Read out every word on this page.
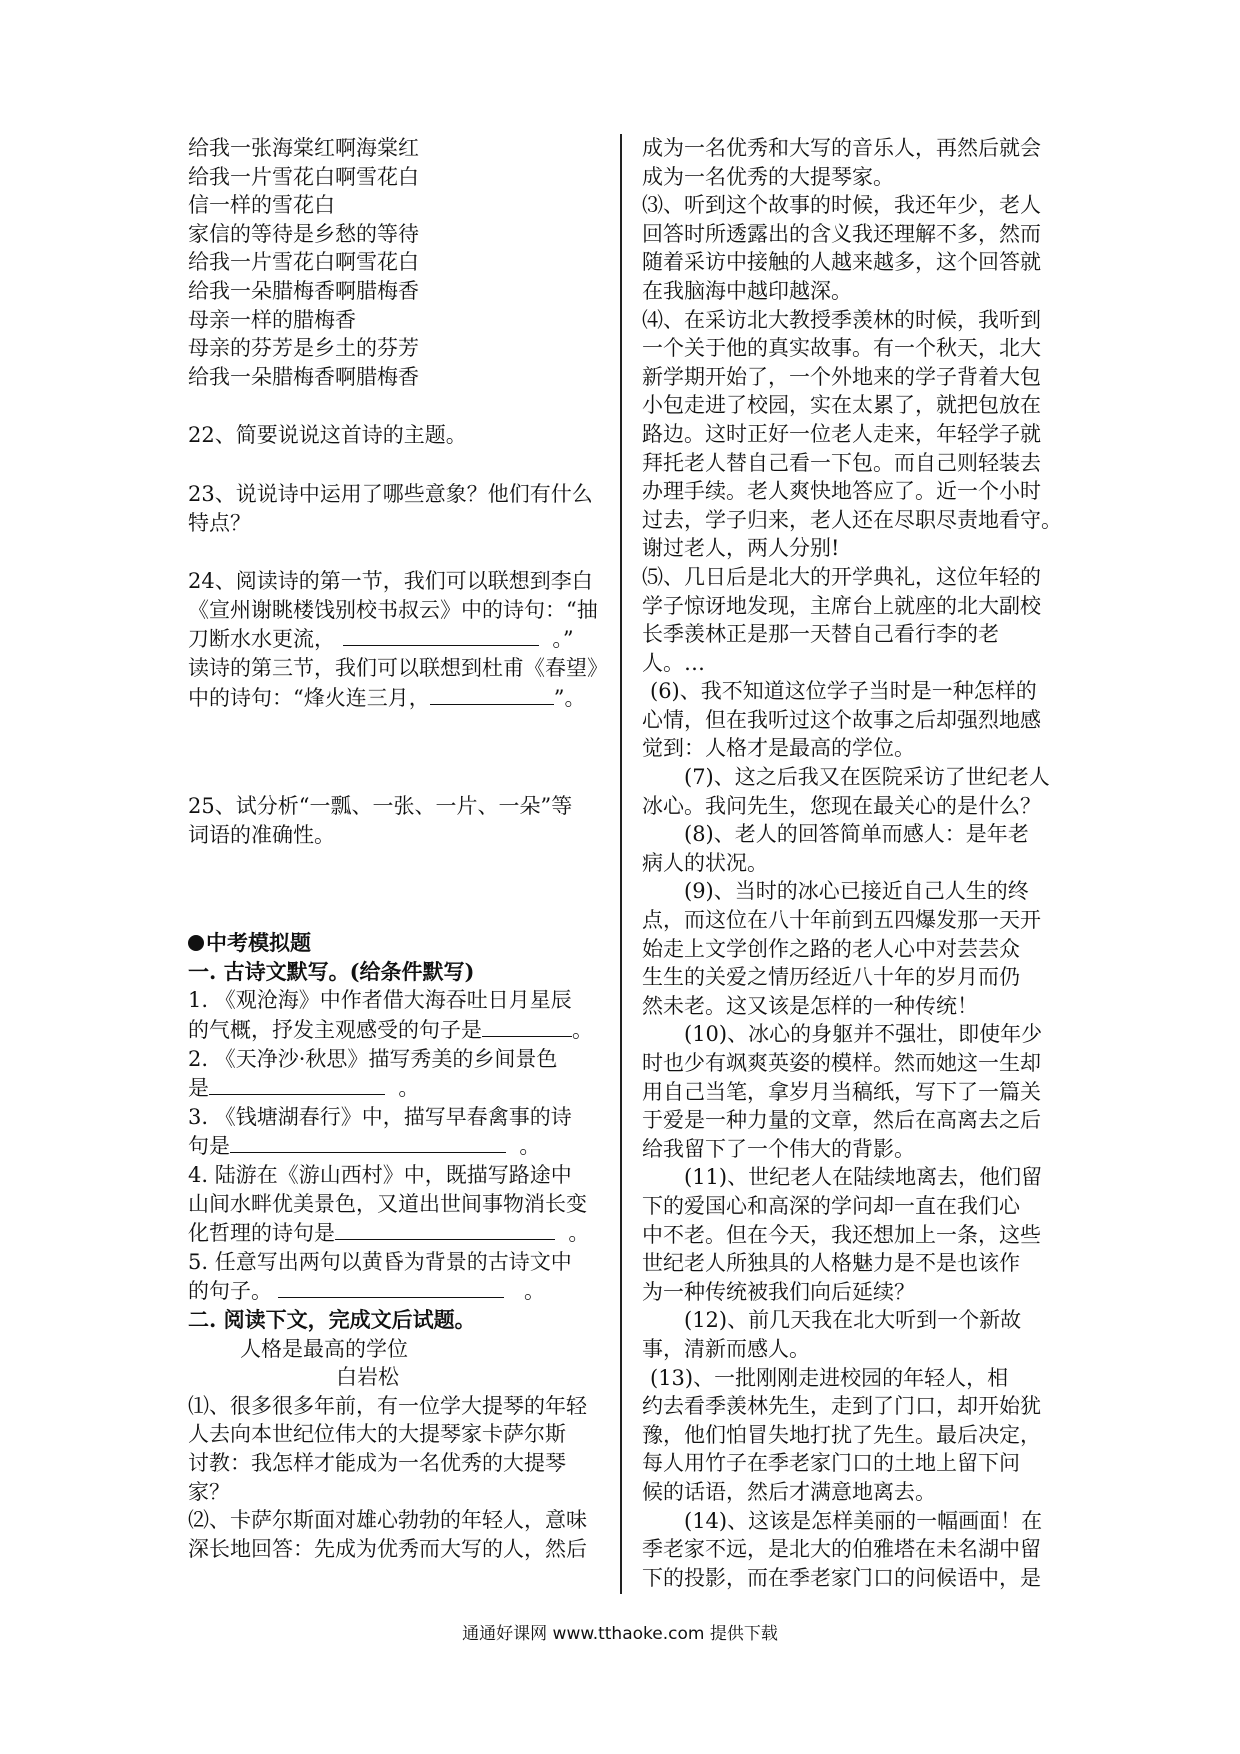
给我一张海棠红啊海棠红
给我一片雪花白啊雪花白
信一样的雪花白
家信的等待是乡愁的等待
给我一片雪花白啊雪花白
给我一朵腊梅香啊腊梅香
母亲一样的腊梅香
母亲的芬芳是乡土的芬芳
给我一朵腊梅香啊腊梅香
22、简要说说这首诗的主题。
23、说说诗中运用了哪些意象？他们有什么
特点？
24、阅读诗的第一节，我们可以联想到李白
《宣州谢眺楼饯别校书叔云》中的诗句：“抽
刀断水水更流，	。”
读诗的第三节，我们可以联想到杜甫《春望》
中的诗句：“烽火连三月，	”。
25、试分析“一瓢、一张、一片、一朵”等
词语的准确性。
中考模拟题
一. 古诗文默写。(给条件默写)
1. 《观沧海》中作者借大海吞吐日月星辰
的气概，抒发主观感受的句子是	。
2. 《天净沙·秋思》描写秀美的乡间景色
是	。
3. 《钱塘湖春行》中，描写早春禽事的诗
句是	。
4. 陆游在《游山西村》中，既描写路途中
山间水畔优美景色，又道出世间事物消长变
化哲理的诗句是	。
5. 任意写出两句以黄昏为背景的古诗文中
的句子。	。
二. 阅读下文，完成文后试题。
人格是最高的学位
白岩松
⑴、很多很多年前，有一位学大提琴的年轻
人去向本世纪位伟大的大提琴家卡萨尔斯
讨教：我怎样才能成为一名优秀的大提琴
家？
⑵、卡萨尔斯面对雄心勃勃的年轻人，意味
深长地回答：先成为优秀而大写的人，然后
成为一名优秀和大写的音乐人，再然后就会
成为一名优秀的大提琴家。
⑶、听到这个故事的时候，我还年少，老人
回答时所透露出的含义我还理解不多，然而
随着采访中接触的人越来越多，这个回答就
在我脑海中越印越深。
⑷、在采访北大教授季羡林的时候，我听到
一个关于他的真实故事。有一个秋天，北大
新学期开始了，一个外地来的学子背着大包
小包走进了校园，实在太累了，就把包放在
路边。这时正好一位老人走来，年轻学子就
拜托老人替自己看一下包。而自己则轻装去
办理手续。老人爽快地答应了。近一个小时
过去，学子归来，老人还在尽职尽责地看守。
谢过老人，两人分别!
⑸、几日后是北大的开学典礼，这位年轻的
学子惊讶地发现，主席台上就座的北大副校
长季羡林正是那一天替自己看行李的老
人。…
(6)、我不知道这位学子当时是一种怎样的
心情，但在我听过这个故事之后却强烈地感
觉到：人格才是最高的学位。
(7)、这之后我又在医院采访了世纪老人
冰心。我问先生，您现在最关心的是什么？
(8)、老人的回答简单而感人：是年老
病人的状况。
(9)、当时的冰心已接近自己人生的终
点，而这位在八十年前到五四爆发那一天开
始走上文学创作之路的老人心中对芸芸众
生生的关爱之情历经近八十年的岁月而仍
然未老。这又该是怎样的一种传统！
(10)、冰心的身躯并不强壮，即使年少
时也少有飒爽英姿的模样。然而她这一生却
用自己当笔，拿岁月当稿纸，写下了一篇关
于爱是一种力量的文章，然后在高离去之后
给我留下了一个伟大的背影。
(11)、世纪老人在陆续地离去，他们留
下的爱国心和高深的学问却一直在我们心
中不老。但在今天，我还想加上一条，这些
世纪老人所独具的人格魅力是不是也该作
为一种传统被我们向后延续？
(12)、前几天我在北大听到一个新故
事，清新而感人。
(13)、一批刚刚走进校园的年轻人，相
约去看季羡林先生，走到了门口，却开始犹
豫，他们怕冒失地打扰了先生。最后决定，
每人用竹子在季老家门口的土地上留下问
候的话语，然后才满意地离去。
(14)、这该是怎样美丽的一幅画面！在
季老家不远，是北大的伯雅塔在未名湖中留
下的投影，而在季老家门口的问候语中，是
通通好课网 www.tthaoke.com 提供下载
